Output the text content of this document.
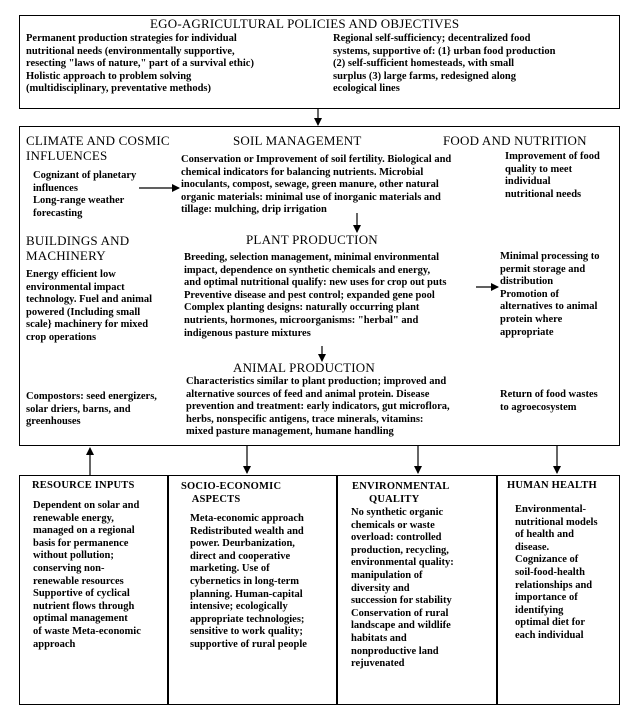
EGO-AGRICULTURAL POLICIES AND OBJECTIVES
Permanent production strategies for individual
nutritional needs (environmentally supportive,
resecting "laws of nature," part of a survival ethic)
Holistic approach to problem solving
(multidisciplinary, preventative methods)
Regional self-sufficiency; decentralized food
systems, supportive of: (1} urban food production
(2) self-sufficient homesteads, with small
surplus (3) large farms, redesigned along
ecological lines
CLIMATE AND COSMIC
INFLUENCES
Cognizant of planetary
influences
Long-range weather
forecasting
SOIL MANAGEMENT
Conservation or Improvement of soil fertility. Biological and
chemical indicators for balancing nutrients. Microbial
inoculants, compost, sewage, green manure, other natural
organic materials: minimal use of inorganic materials and
tillage: mulching, drip irrigation
FOOD AND NUTRITION
Improvement of food
quality to meet
individual
nutritional needs
BUILDINGS AND
MACHINERY
Energy efficient low
environmental impact
technology. Fuel and animal
powered (Including small
scale} machinery for mixed
crop operations
PLANT PRODUCTION
Breeding, selection management, minimal environmental
impact, dependence on synthetic chemicals and energy,
and optimal nutritional qualify: new uses for crop out puts
Preventive disease and pest control; expanded gene pool
Complex planting designs: naturally occurring plant
nutrients, hormones, microorganisms: "herbal" and
indigenous pasture mixtures
Minimal processing to
permit storage and
distribution
Promotion of
alternatives to animal
protein where
appropriate
ANIMAL PRODUCTION
Characteristics similar to plant production; improved and
alternative sources of feed and animal protein. Disease
prevention and treatment: early indicators, gut microflora,
herbs, nonspecific antigens, trace minerals, vitamins:
mixed pasture management, humane handling
Compostors: seed energizers,
solar driers, barns, and
greenhouses
Return of food wastes
to agroecosystem
RESOURCE INPUTS
Dependent on solar and
renewable energy,
managed on a regional
basis for permanence
without pollution;
conserving non-
renewable resources
Supportive of cyclical
nutrient flows through
optimal management
of waste Meta-economic
approach
SOCIO-ECONOMIC
ASPECTS
Meta-economic approach
Redistributed wealth and
power. Deurbanization,
direct and cooperative
marketing. Use of
cybernetics in long-term
planning. Human-capital
intensive; ecologically
appropriate technologies;
sensitive to work quality;
supportive of rural people
ENVIRONMENTAL
QUALITY
No synthetic organic
chemicals or waste
overload: controlled
production, recycling,
environmental quality:
manipulation of
diversity and
succession for stability
Conservation of rural
landscape and wildlife
habitats and
nonproductive land
rejuvenated
HUMAN HEALTH
Environmental-
nutritional models
of health and
disease.
Cognizance of
soil-food-health
relationships and
importance of
identifying
optimal diet for
each individual
